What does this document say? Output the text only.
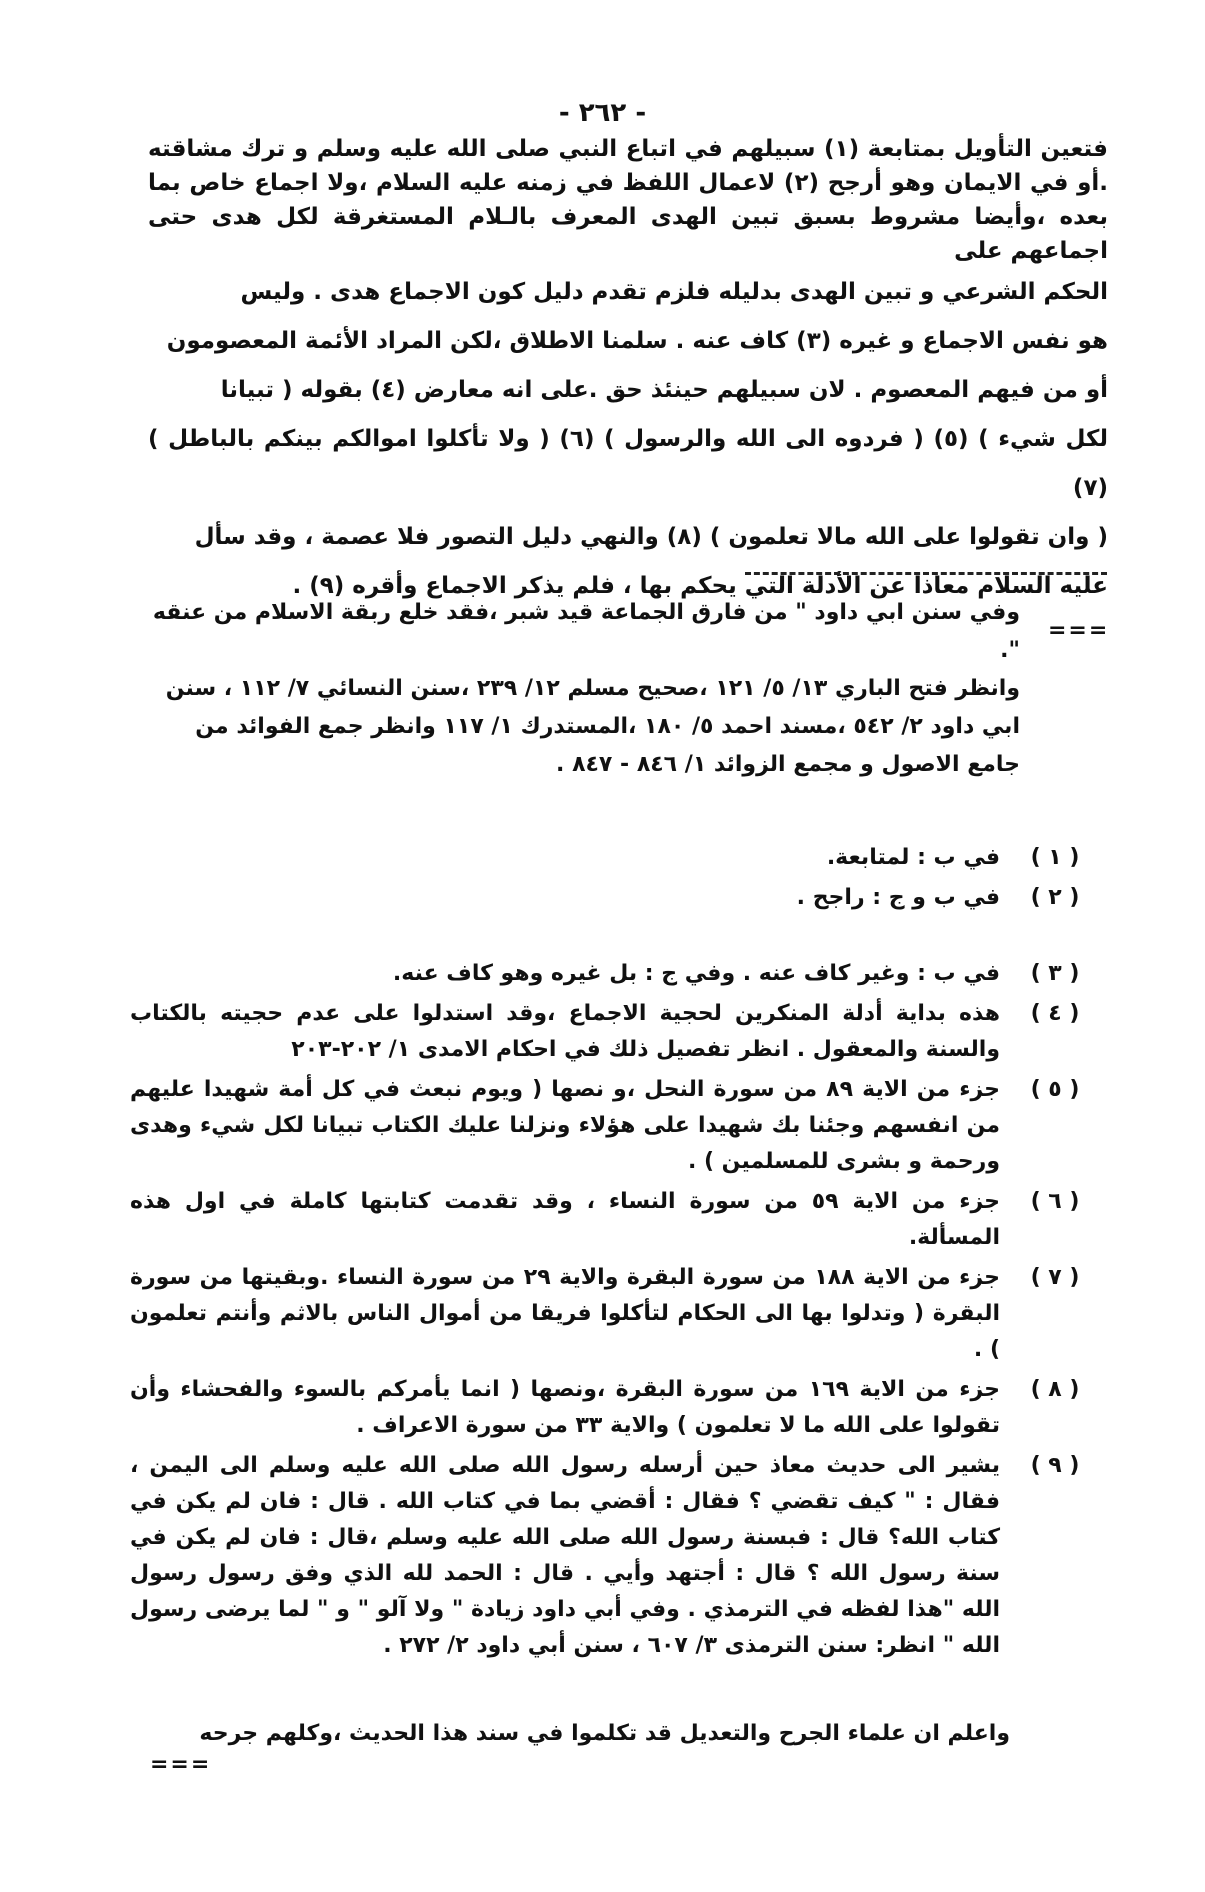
- ٢٦٢ -

فتعين التأويل بمتابعة (١) سبيلهم في اتباع النبي صلى الله عليه وسلم و ترك مشاقته .أو في الايمان وهو أرجح (٢) لاعمال اللفظ في زمنه عليه السلام ،ولا اجماع خاص بما بعده ،وأيضا مشروط بسبق تبين الهدى المعرف بالـلام المستغرقة لكل هدى حتى اجماعهم على

الحكم الشرعي و تبين الهدى بدليله فلزم تقدم دليل كون الاجماع هدى . وليس

هو نفس الاجماع و غيره (٣) كاف عنه . سلمنا الاطلاق ،لكن المراد الأئمة المعصومون

أو من فيهم المعصوم . لان سبيلهم حينئذ حق .على انه معارض (٤) بقوله ( تبيانا

لكل شيء ) (٥) ( فردوه الى الله والرسول ) (٦) ( ولا تأكلوا اموالكم بينكم بالباطل ) (٧)

( وان تقولوا على الله مالا تعلمون ) (٨) والنهي دليل التصور فلا عصمة ، وقد سأل

عليه السلام معاذا عن الأدلة التي يحكم بها ، فلم يذكر الاجماع وأقره (٩) .

===

وفي سنن ابي داود " من فارق الجماعة قيد شبر ،فقد خلع ربقة الاسلام من عنقه ".

وانظر فتح الباري ١٣/ ٥/ ١٢١ ،صحيح مسلم ١٢/ ٢٣٩ ،سنن النسائي ٧/ ١١٢ ، سنن ابي داود ٢/ ٥٤٢ ،مسند احمد ٥/ ١٨٠ ،المستدرك ١/ ١١٧ وانظر جمع الفوائد من جامع الاصول و مجمع الزوائد ١/ ٨٤٦ - ٨٤٧ .

( ١ )
في ب : لمتابعة.
( ٢ )
في ب و ج : راجح .
( ٣ )
في ب : وغير كاف عنه . وفي ج : بل غيره وهو كاف عنه.
( ٤ )
هذه بداية أدلة المنكرين لحجية الاجماع ،وقد استدلوا على عدم حجيته بالكتاب والسنة والمعقول . انظر تفصيل ذلك في احكام الامدى ١/ ٢٠٢-٢٠٣
( ٥ )
جزء من الاية ٨٩ من سورة النحل ،و نصها ( ويوم نبعث في كل أمة شهيدا عليهم من انفسهم وجئنا بك شهيدا على هؤلاء ونزلنا عليك الكتاب تبيانا لكل شيء وهدى ورحمة و بشرى للمسلمين ) .
( ٦ )
جزء من الاية ٥٩ من سورة النساء ، وقد تقدمت كتابتها كاملة في اول هذه المسألة.
( ٧ )
جزء من الاية ١٨٨ من سورة البقرة والاية ٢٩ من سورة النساء .وبقيتها من سورة البقرة ( وتدلوا بها الى الحكام لتأكلوا فريقا من أموال الناس بالاثم وأنتم تعلمون ) .
( ٨ )
جزء من الاية ١٦٩ من سورة البقرة ،ونصها ( انما يأمركم بالسوء والفحشاء وأن تقولوا على الله ما لا تعلمون ) والاية ٣٣ من سورة الاعراف .
( ٩ )
يشير الى حديث معاذ حين أرسله رسول الله صلى الله عليه وسلم الى اليمن ، فقال : " كيف تقضي ؟ فقال : أقضي بما في كتاب الله . قال : فان لم يكن في كتاب الله؟ قال : فبسنة رسول الله صلى الله عليه وسلم ،قال : فان لم يكن في سنة رسول الله ؟ قال : أجتهد وأيي . قال : الحمد لله الذي وفق رسول رسول الله "هذا لفظه في الترمذي . وفي أبي داود زيادة " ولا آلو " و " لما يرضى رسول الله " انظر: سنن الترمذى ٣/ ٦٠٧ ، سنن أبي داود ٢/ ٢٧٢ .
واعلم ان علماء الجرح والتعديل قد تكلموا في سند هذا الحديث ،وكلهم جرحه
===
